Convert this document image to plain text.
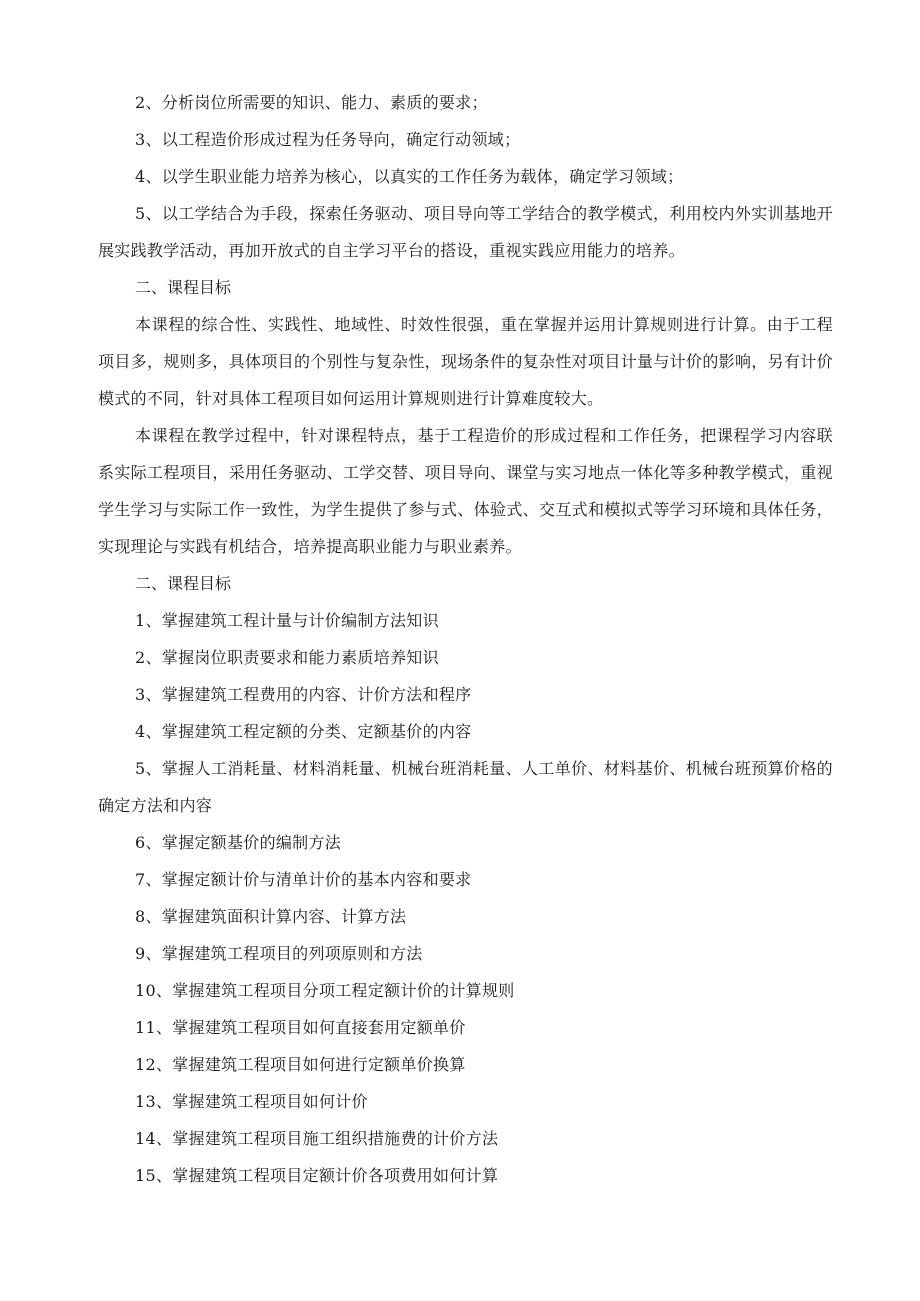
2、分析岗位所需要的知识、能力、素质的要求；

3、以工程造价形成过程为任务导向，确定行动领域；

4、以学生职业能力培养为核心，以真实的工作任务为载体，确定学习领域；

5、以工学结合为手段，探索任务驱动、项目导向等工学结合的教学模式，利用校内外实训基地开展实践教学活动，再加开放式的自主学习平台的搭设，重视实践应用能力的培养。

二、课程目标

本课程的综合性、实践性、地域性、时效性很强，重在掌握并运用计算规则进行计算。由于工程项目多，规则多，具体项目的个别性与复杂性，现场条件的复杂性对项目计量与计价的影响，另有计价模式的不同，针对具体工程项目如何运用计算规则进行计算难度较大。

本课程在教学过程中，针对课程特点，基于工程造价的形成过程和工作任务，把课程学习内容联系实际工程项目，采用任务驱动、工学交替、项目导向、课堂与实习地点一体化等多种教学模式，重视学生学习与实际工作一致性，为学生提供了参与式、体验式、交互式和模拟式等学习环境和具体任务，实现理论与实践有机结合，培养提高职业能力与职业素养。

二、课程目标

1、掌握建筑工程计量与计价编制方法知识

2、掌握岗位职责要求和能力素质培养知识

3、掌握建筑工程费用的内容、计价方法和程序

4、掌握建筑工程定额的分类、定额基价的内容

5、掌握人工消耗量、材料消耗量、机械台班消耗量、人工单价、材料基价、机械台班预算价格的确定方法和内容

6、掌握定额基价的编制方法

7、掌握定额计价与清单计价的基本内容和要求

8、掌握建筑面积计算内容、计算方法

9、掌握建筑工程项目的列项原则和方法

10、掌握建筑工程项目分项工程定额计价的计算规则

11、掌握建筑工程项目如何直接套用定额单价

12、掌握建筑工程项目如何进行定额单价换算

13、掌握建筑工程项目如何计价

14、掌握建筑工程项目施工组织措施费的计价方法

15、掌握建筑工程项目定额计价各项费用如何计算
